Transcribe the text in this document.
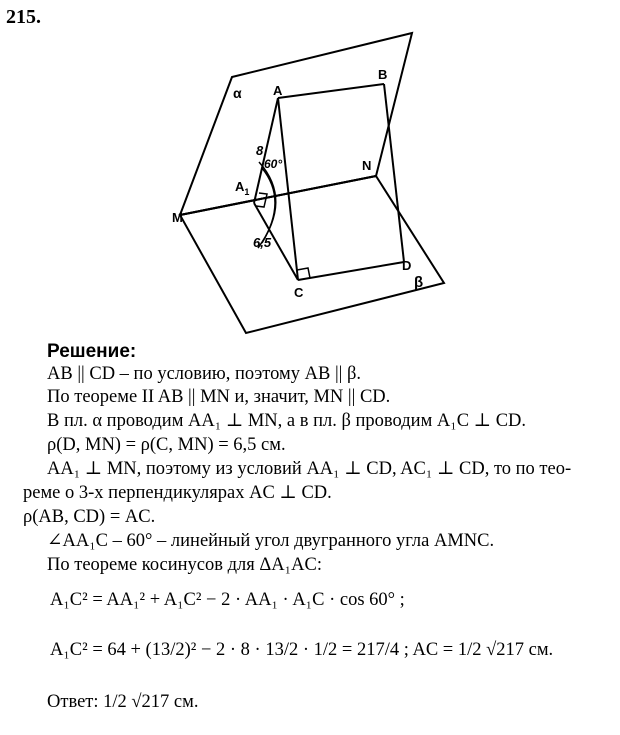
215.
α
β
A
B
M
N
C
D
$A_1$
8
6,5
60°
Решение:
AB || CD – по условию, поэтому AB || β.
По теореме II AB || MN и, значит, MN || CD.
В пл. α проводим AA₁ ⊥ MN, а в пл. β проводим A₁C ⊥ CD.
ρ(D, MN) = ρ(C, MN) = 6,5 см.
AA₁ ⊥ MN, поэтому из условий AA₁ ⊥ CD, AC₁ ⊥ CD, то по тео-
реме о 3-х перпендикулярах AC ⊥ CD.
ρ(AB, CD) = AC.
∠AA₁C – 60° – линейный угол двугранного угла AMNC.
По теореме косинусов для ΔA₁AC:
A₁C² = AA₁² + A₁C² − 2 · AA₁ · A₁C · cos 60° ;
A₁C² = 64 + (13/2)² − 2 · 8 · 13/2 · 1/2 = 217/4 ; AC = 1/2 √217 см.
Ответ: 1/2 √217 см.
